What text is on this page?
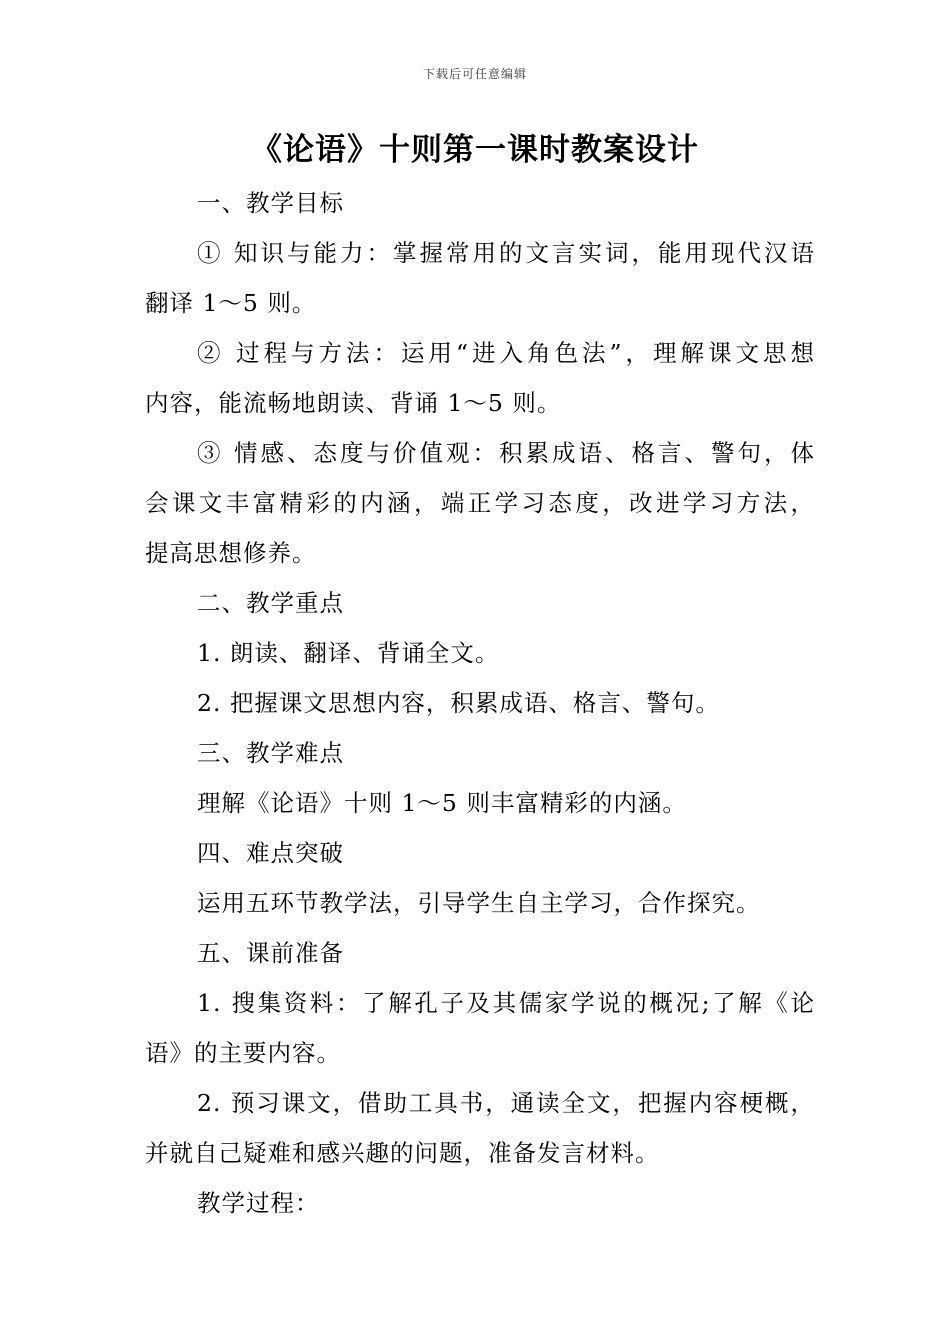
下载后可任意编辑
《论语》十则第一课时教案设计
一、教学目标
① 知识与能力：掌握常用的文言实词，能用现代汉语
翻译 1～5 则。
② 过程与方法：运用“进入角色法”，理解课文思想
内容，能流畅地朗读、背诵 1～5 则。
③ 情感、态度与价值观：积累成语、格言、警句，体
会课文丰富精彩的内涵，端正学习态度，改进学习方法，
提高思想修养。
二、教学重点
1. 朗读、翻译、背诵全文。
2. 把握课文思想内容，积累成语、格言、警句。
三、教学难点
理解《论语》十则 1～5 则丰富精彩的内涵。
四、难点突破
运用五环节教学法，引导学生自主学习，合作探究。
五、课前准备
1. 搜集资料：了解孔子及其儒家学说的概况;了解《论
语》的主要内容。
2. 预习课文，借助工具书，通读全文，把握内容梗概，
并就自己疑难和感兴趣的问题，准备发言材料。
教学过程：
